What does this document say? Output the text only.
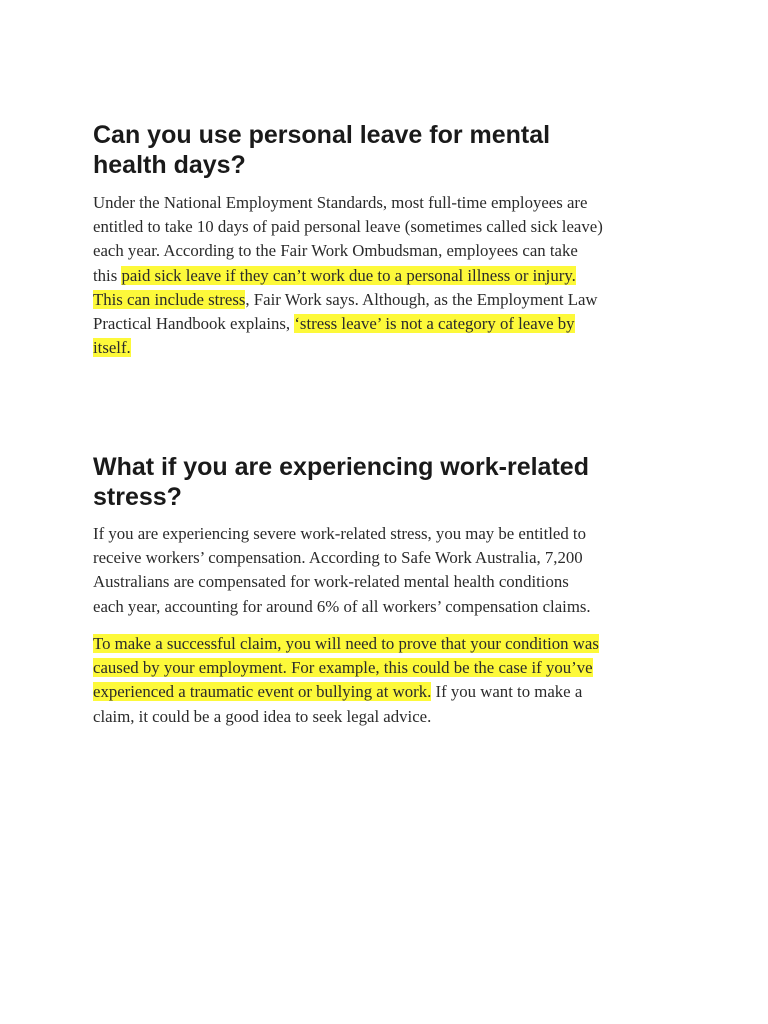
Can you use personal leave for mental
health days?

Under the National Employment Standards, most full-time employees are
entitled to take 10 days of paid personal leave (sometimes called sick leave)
each year. According to the Fair Work Ombudsman, employees can take
this paid sick leave if they can’t work due to a personal illness or injury.
This can include stress, Fair Work says. Although, as the Employment Law
Practical Handbook explains, ‘stress leave’ is not a category of leave by
itself.

What if you are experiencing work-related
stress?

If you are experiencing severe work-related stress, you may be entitled to
receive workers’ compensation. According to Safe Work Australia, 7,200
Australians are compensated for work-related mental health conditions
each year, accounting for around 6% of all workers’ compensation claims.

To make a successful claim, you will need to prove that your condition was
caused by your employment. For example, this could be the case if you’ve
experienced a traumatic event or bullying at work. If you want to make a
claim, it could be a good idea to seek legal advice.
